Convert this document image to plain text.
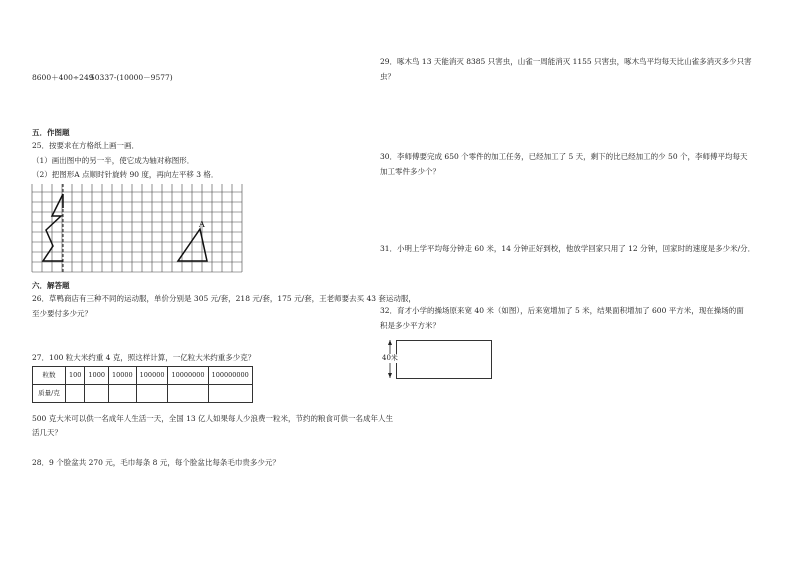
8600＋400÷249
50337-(10000－9577)
五．作图题
25．按要求在方格纸上画一画．
（1）画出图中的另一半，使它成为轴对称图形．
（2）把图形A 点顺时针旋转 90 度，再向左平移 3 格．
A
六．解答题
26．草鸭商店有三种不同的运动服，单价分别是 305 元/套，218 元/套，175 元/套，王老师要去买 43 套运动服，
至少要付多少元？
27．100 粒大米约重 4 克，照这样计算，一亿粒大米约重多少克？
粒数	100	1000	10000	100000	10000000	100000000
质量/克						
500 克大米可以供一名成年人生活一天，全国 13 亿人如果每人少浪费一粒米，节约的粮食可供一名成年人生
活几天？
28．9 个脸盆共 270 元，毛巾每条 8 元，每个脸盆比每条毛巾贵多少元？
29．啄木鸟 13 天能消灭 8385 只害虫，山雀一周能消灭 1155 只害虫，啄木鸟平均每天比山雀多消灭多少只害
虫？
30．李师傅要完成 650 个零件的加工任务，已经加工了 5 天，剩下的比已经加工的少 50 个，李师傅平均每天
加工零件多少个？
31．小明上学平均每分钟走 60 米，14 分钟正好到校，他放学回家只用了 12 分钟，回家时的速度是多少米/分．
32．育才小学的操场原来宽 40 米（如图），后来宽增加了 5 米，结果面积增加了 600 平方米，现在操场的面
积是多少平方米？
40米
